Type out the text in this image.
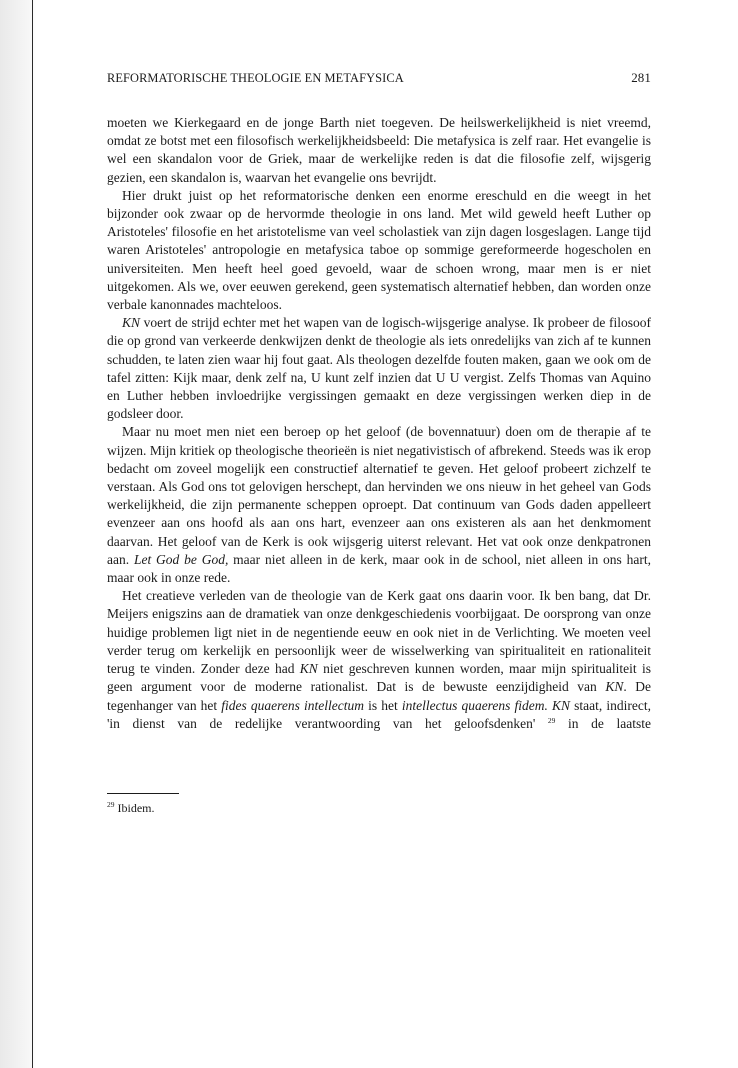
REFORMATORISCHE THEOLOGIE EN METAFYSICA	281

moeten we Kierkegaard en de jonge Barth niet toegeven. De heilswerkelijkheid is niet vreemd, omdat ze botst met een filosofisch werkelijkheidsbeeld: Die metafysica is zelf raar. Het evangelie is wel een skandalon voor de Griek, maar de werkelijke reden is dat die filosofie zelf, wijsgerig gezien, een skandalon is, waarvan het evangelie ons bevrijdt.

Hier drukt juist op het reformatorische denken een enorme ereschuld en die weegt in het bijzonder ook zwaar op de hervormde theologie in ons land. Met wild geweld heeft Luther op Aristoteles' filosofie en het aristotelisme van veel scholastiek van zijn dagen losgeslagen. Lange tijd waren Aristoteles' antropologie en metafysica taboe op sommige gereformeerde hogescholen en universiteiten. Men heeft heel goed gevoeld, waar de schoen wrong, maar men is er niet uitgekomen. Als we, over eeuwen gerekend, geen systematisch alternatief hebben, dan worden onze verbale kanonnades machteloos.

KN voert de strijd echter met het wapen van de logisch-wijsgerige analyse. Ik probeer de filosoof die op grond van verkeerde denkwijzen denkt de theologie als iets onredelijks van zich af te kunnen schudden, te laten zien waar hij fout gaat. Als theologen dezelfde fouten maken, gaan we ook om de tafel zitten: Kijk maar, denk zelf na, U kunt zelf inzien dat U U vergist. Zelfs Thomas van Aquino en Luther hebben invloedrijke vergissingen gemaakt en deze vergissingen werken diep in de godsleer door.

Maar nu moet men niet een beroep op het geloof (de bovennatuur) doen om de therapie af te wijzen. Mijn kritiek op theologische theorieën is niet negativistisch of afbrekend. Steeds was ik erop bedacht om zoveel mogelijk een constructief alternatief te geven. Het geloof probeert zichzelf te verstaan. Als God ons tot gelovigen herschept, dan hervinden we ons nieuw in het geheel van Gods werkelijkheid, die zijn permanente scheppen oproept. Dat continuum van Gods daden appelleert evenzeer aan ons hoofd als aan ons hart, evenzeer aan ons existeren als aan het denkmoment daarvan. Het geloof van de Kerk is ook wijsgerig uiterst relevant. Het vat ook onze denkpatronen aan. Let God be God, maar niet alleen in de kerk, maar ook in de school, niet alleen in ons hart, maar ook in onze rede.

Het creatieve verleden van de theologie van de Kerk gaat ons daarin voor. Ik ben bang, dat Dr. Meijers enigszins aan de dramatiek van onze denkgeschiedenis voorbijgaat. De oorsprong van onze huidige problemen ligt niet in de negentiende eeuw en ook niet in de Verlichting. We moeten veel verder terug om kerkelijk en persoonlijk weer de wisselwerking van spiritualiteit en rationaliteit terug te vinden. Zonder deze had KN niet geschreven kunnen worden, maar mijn spiritualiteit is geen argument voor de moderne rationalist. Dat is de bewuste eenzijdigheid van KN. De tegenhanger van het fides quaerens intellectum is het intellectus quaerens fidem. KN staat, indirect, 'in dienst van de redelijke verantwoording van het geloofsdenken' $^{29}$ in de laatste

$^{29}$ Ibidem.
